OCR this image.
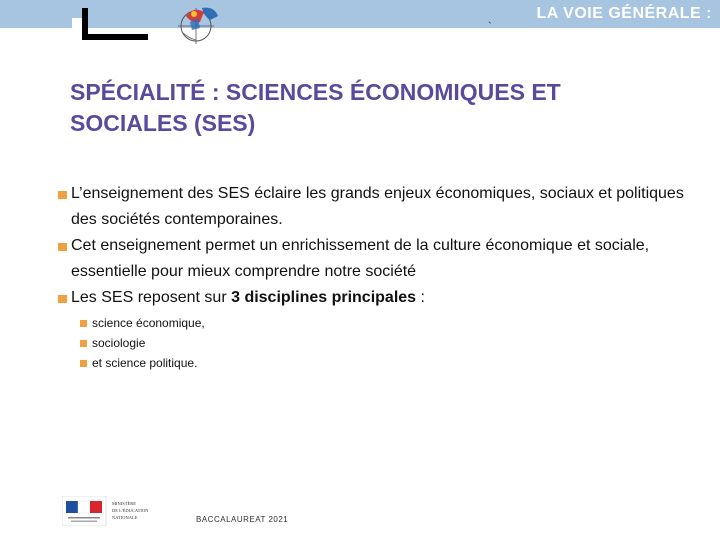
LA VOIE GÉNÉRALE :
`
SPÉCIALITÉ : SCIENCES ÉCONOMIQUES ET
SOCIALES (SES)
L’enseignement des SES éclaire les grands enjeux économiques, sociaux et politiques des sociétés contemporaines.
Cet enseignement permet un enrichissement de la culture économique et sociale, essentielle pour mieux comprendre notre société
Les SES reposent sur 3 disciplines principales :
science économique,
sociologie
et science politique.
MINISTÈRE
DE L'ÉDUCATION
NATIONALE	BACCALAUREAT 2021
